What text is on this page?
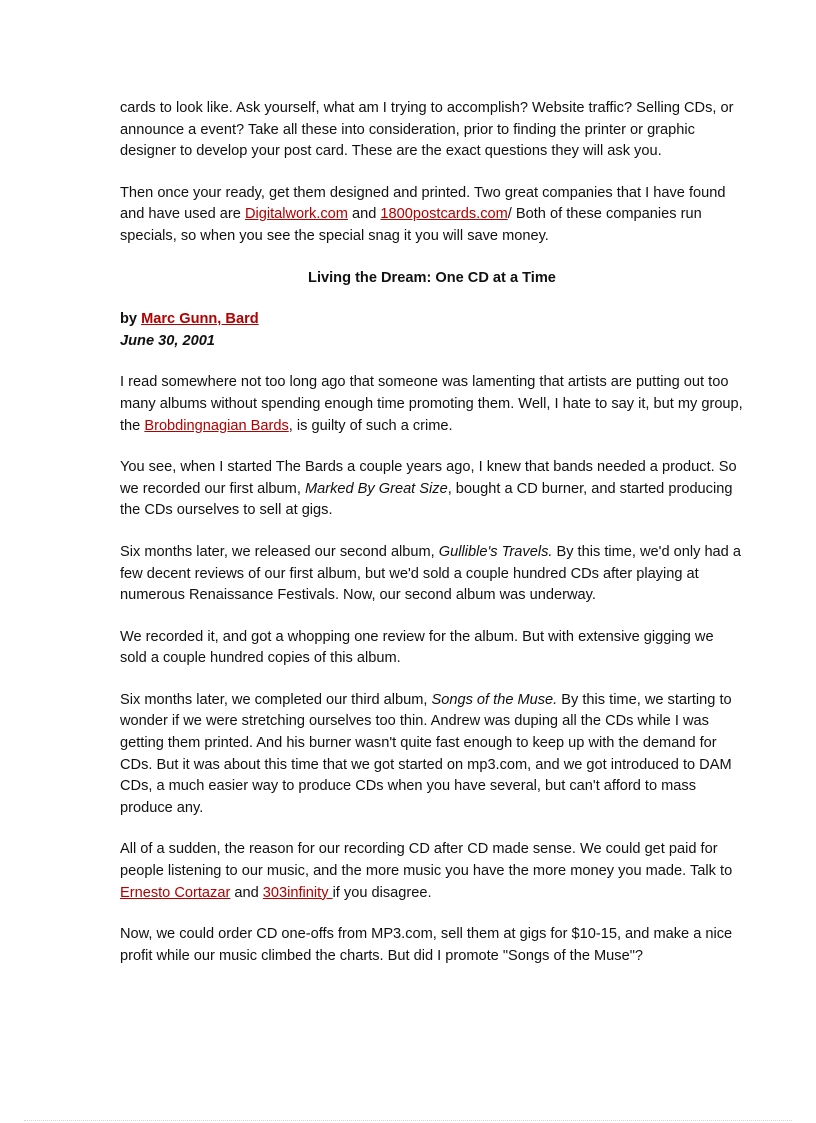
cards to look like. Ask yourself, what am I trying to accomplish? Website traffic? Selling CDs, or announce a event? Take all these into consideration, prior to finding the printer or graphic designer to develop your post card. These are the exact questions they will ask you.

Then once your ready, get them designed and printed. Two great companies that I have found and have used are Digitalwork.com and 1800postcards.com/ Both of these companies run specials, so when you see the special snag it you will save money.

Living the Dream: One CD at a Time
by Marc Gunn, Bard
June 30, 2001

I read somewhere not too long ago that someone was lamenting that artists are putting out too many albums without spending enough time promoting them. Well, I hate to say it, but my group, the Brobdingnagian Bards, is guilty of such a crime.

You see, when I started The Bards a couple years ago, I knew that bands needed a product. So we recorded our first album, Marked By Great Size, bought a CD burner, and started producing the CDs ourselves to sell at gigs.

Six months later, we released our second album, Gullible's Travels. By this time, we'd only had a few decent reviews of our first album, but we'd sold a couple hundred CDs after playing at numerous Renaissance Festivals. Now, our second album was underway.

We recorded it, and got a whopping one review for the album. But with extensive gigging we sold a couple hundred copies of this album.

Six months later, we completed our third album, Songs of the Muse. By this time, we starting to wonder if we were stretching ourselves too thin. Andrew was duping all the CDs while I was getting them printed. And his burner wasn't quite fast enough to keep up with the demand for CDs. But it was about this time that we got started on mp3.com, and we got introduced to DAM CDs, a much easier way to produce CDs when you have several, but can't afford to mass produce any.

All of a sudden, the reason for our recording CD after CD made sense. We could get paid for people listening to our music, and the more music you have the more money you made. Talk to Ernesto Cortazar and 303infinity if you disagree.

Now, we could order CD one-offs from MP3.com, sell them at gigs for $10-15, and make a nice profit while our music climbed the charts. But did I promote "Songs of the Muse"?
